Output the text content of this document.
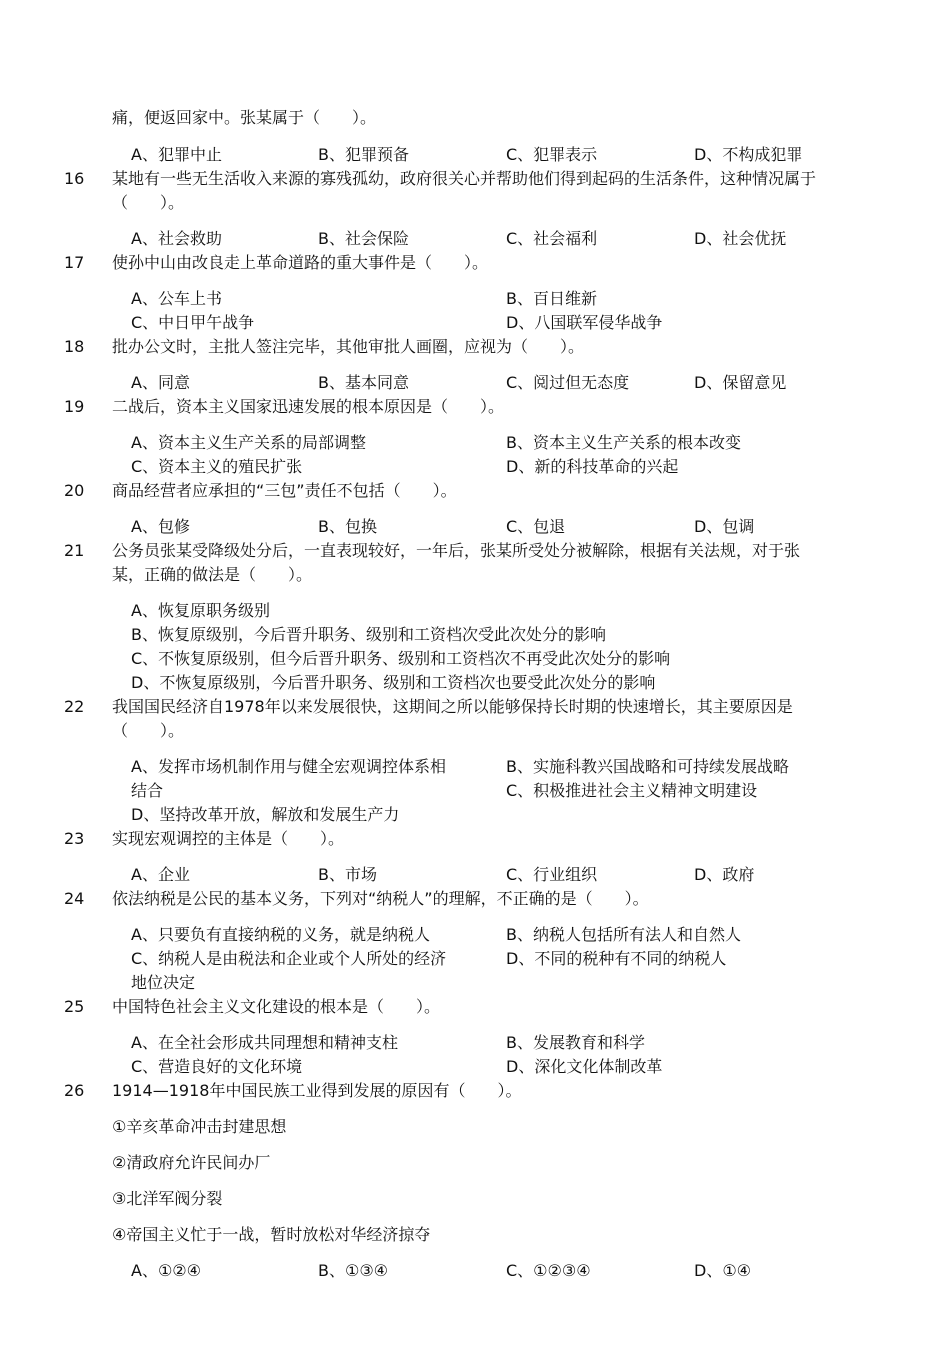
痛，便返回家中。张某属于（　　）。
A、犯罪中止	B、犯罪预备	C、犯罪表示	D、不构成犯罪
16 某地有一些无生活收入来源的寡残孤幼，政府很关心并帮助他们得到起码的生活条件，这种情况属于
（　　）。
A、社会救助	B、社会保险	C、社会福利	D、社会优抚
17 使孙中山由改良走上革命道路的重大事件是（　　）。
A、公车上书	B、百日维新
C、中日甲午战争	D、八国联军侵华战争
18 批办公文时，主批人签注完毕，其他审批人画圈，应视为（　　）。
A、同意	B、基本同意	C、阅过但无态度	D、保留意见
19 二战后，资本主义国家迅速发展的根本原因是（　　）。
A、资本主义生产关系的局部调整	B、资本主义生产关系的根本改变
C、资本主义的殖民扩张	D、新的科技革命的兴起
20 商品经营者应承担的“三包”责任不包括（　　）。
A、包修	B、包换	C、包退	D、包调
21 公务员张某受降级处分后，一直表现较好，一年后，张某所受处分被解除，根据有关法规，对于张
某，正确的做法是（　　）。
A、恢复原职务级别
B、恢复原级别，今后晋升职务、级别和工资档次受此次处分的影响
C、不恢复原级别，但今后晋升职务、级别和工资档次不再受此次处分的影响
D、不恢复原级别，今后晋升职务、级别和工资档次也要受此次处分的影响
22 我国国民经济自1978年以来发展很快，这期间之所以能够保持长时期的快速增长，其主要原因是
（　　）。
A、发挥市场机制作用与健全宏观调控体系相
结合
B、实施科教兴国战略和可持续发展战略
C、积极推进社会主义精神文明建设
D、坚持改革开放，解放和发展生产力
23 实现宏观调控的主体是（　　）。
A、企业	B、市场	C、行业组织	D、政府
24 依法纳税是公民的基本义务，下列对“纳税人”的理解，不正确的是（　　）。
A、只要负有直接纳税的义务，就是纳税人	B、纳税人包括所有法人和自然人
C、纳税人是由税法和企业或个人所处的经济
地位决定
D、不同的税种有不同的纳税人
25 中国特色社会主义文化建设的根本是（　　）。
A、在全社会形成共同理想和精神支柱	B、发展教育和科学
C、营造良好的文化环境	D、深化文化体制改革
26 1914—1918年中国民族工业得到发展的原因有（　　）。
①辛亥革命冲击封建思想
②清政府允许民间办厂
③北洋军阀分裂
④帝国主义忙于一战，暂时放松对华经济掠夺
A、①②④	B、①③④	C、①②③④	D、①④
